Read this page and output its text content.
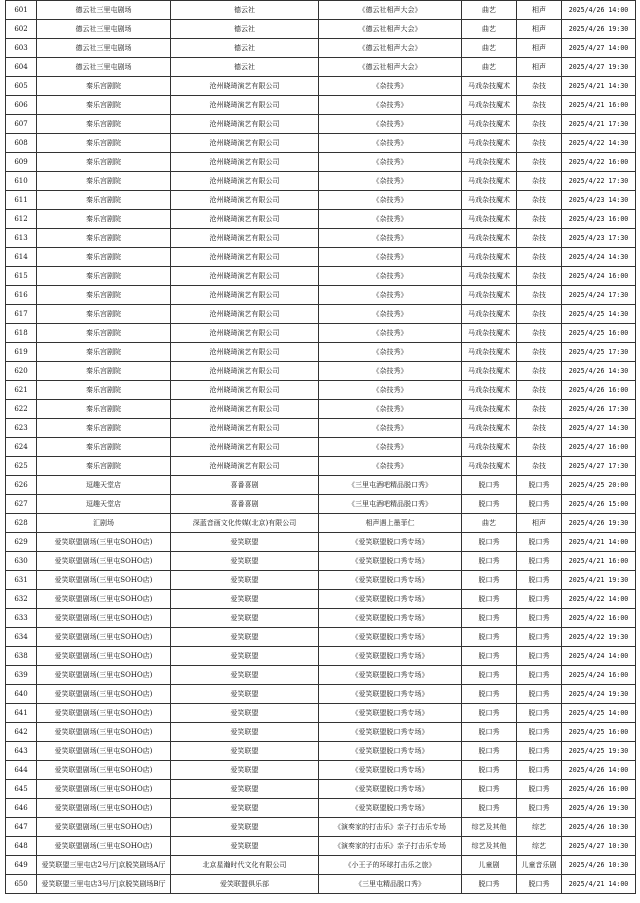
601	德云社三里屯剧场	德云社	《德云社相声大会》	曲艺	相声	2025/4/26 14:00
602	德云社三里屯剧场	德云社	《德云社相声大会》	曲艺	相声	2025/4/26 19:30
603	德云社三里屯剧场	德云社	《德云社相声大会》	曲艺	相声	2025/4/27 14:00
604	德云社三里屯剧场	德云社	《德云社相声大会》	曲艺	相声	2025/4/27 19:30
605	秦乐宫剧院	沧州晓琦演艺有限公司	《杂技秀》	马戏杂技魔术	杂技	2025/4/21 14:30
606	秦乐宫剧院	沧州晓琦演艺有限公司	《杂技秀》	马戏杂技魔术	杂技	2025/4/21 16:00
607	秦乐宫剧院	沧州晓琦演艺有限公司	《杂技秀》	马戏杂技魔术	杂技	2025/4/21 17:30
608	秦乐宫剧院	沧州晓琦演艺有限公司	《杂技秀》	马戏杂技魔术	杂技	2025/4/22 14:30
609	秦乐宫剧院	沧州晓琦演艺有限公司	《杂技秀》	马戏杂技魔术	杂技	2025/4/22 16:00
610	秦乐宫剧院	沧州晓琦演艺有限公司	《杂技秀》	马戏杂技魔术	杂技	2025/4/22 17:30
611	秦乐宫剧院	沧州晓琦演艺有限公司	《杂技秀》	马戏杂技魔术	杂技	2025/4/23 14:30
612	秦乐宫剧院	沧州晓琦演艺有限公司	《杂技秀》	马戏杂技魔术	杂技	2025/4/23 16:00
613	秦乐宫剧院	沧州晓琦演艺有限公司	《杂技秀》	马戏杂技魔术	杂技	2025/4/23 17:30
614	秦乐宫剧院	沧州晓琦演艺有限公司	《杂技秀》	马戏杂技魔术	杂技	2025/4/24 14:30
615	秦乐宫剧院	沧州晓琦演艺有限公司	《杂技秀》	马戏杂技魔术	杂技	2025/4/24 16:00
616	秦乐宫剧院	沧州晓琦演艺有限公司	《杂技秀》	马戏杂技魔术	杂技	2025/4/24 17:30
617	秦乐宫剧院	沧州晓琦演艺有限公司	《杂技秀》	马戏杂技魔术	杂技	2025/4/25 14:30
618	秦乐宫剧院	沧州晓琦演艺有限公司	《杂技秀》	马戏杂技魔术	杂技	2025/4/25 16:00
619	秦乐宫剧院	沧州晓琦演艺有限公司	《杂技秀》	马戏杂技魔术	杂技	2025/4/25 17:30
620	秦乐宫剧院	沧州晓琦演艺有限公司	《杂技秀》	马戏杂技魔术	杂技	2025/4/26 14:30
621	秦乐宫剧院	沧州晓琦演艺有限公司	《杂技秀》	马戏杂技魔术	杂技	2025/4/26 16:00
622	秦乐宫剧院	沧州晓琦演艺有限公司	《杂技秀》	马戏杂技魔术	杂技	2025/4/26 17:30
623	秦乐宫剧院	沧州晓琦演艺有限公司	《杂技秀》	马戏杂技魔术	杂技	2025/4/27 14:30
624	秦乐宫剧院	沧州晓琦演艺有限公司	《杂技秀》	马戏杂技魔术	杂技	2025/4/27 16:00
625	秦乐宫剧院	沧州晓琦演艺有限公司	《杂技秀》	马戏杂技魔术	杂技	2025/4/27 17:30
626	逗趣天堂店	喜番喜剧	《三里屯酒吧精品脱口秀》	脱口秀	脱口秀	2025/4/25 20:00
627	逗趣天堂店	喜番喜剧	《三里屯酒吧精品脱口秀》	脱口秀	脱口秀	2025/4/26 15:00
628	汇剧场	深蓝音画文化传媒(北京)有限公司	相声遇上墨菲仁	曲艺	相声	2025/4/26 19:30
629	爱笑联盟剧场(三里屯SOHO店)	爱笑联盟	《爱笑联盟脱口秀专场》	脱口秀	脱口秀	2025/4/21 14:00
630	爱笑联盟剧场(三里屯SOHO店)	爱笑联盟	《爱笑联盟脱口秀专场》	脱口秀	脱口秀	2025/4/21 16:00
631	爱笑联盟剧场(三里屯SOHO店)	爱笑联盟	《爱笑联盟脱口秀专场》	脱口秀	脱口秀	2025/4/21 19:30
632	爱笑联盟剧场(三里屯SOHO店)	爱笑联盟	《爱笑联盟脱口秀专场》	脱口秀	脱口秀	2025/4/22 14:00
633	爱笑联盟剧场(三里屯SOHO店)	爱笑联盟	《爱笑联盟脱口秀专场》	脱口秀	脱口秀	2025/4/22 16:00
634	爱笑联盟剧场(三里屯SOHO店)	爱笑联盟	《爱笑联盟脱口秀专场》	脱口秀	脱口秀	2025/4/22 19:30
638	爱笑联盟剧场(三里屯SOHO店)	爱笑联盟	《爱笑联盟脱口秀专场》	脱口秀	脱口秀	2025/4/24 14:00
639	爱笑联盟剧场(三里屯SOHO店)	爱笑联盟	《爱笑联盟脱口秀专场》	脱口秀	脱口秀	2025/4/24 16:00
640	爱笑联盟剧场(三里屯SOHO店)	爱笑联盟	《爱笑联盟脱口秀专场》	脱口秀	脱口秀	2025/4/24 19:30
641	爱笑联盟剧场(三里屯SOHO店)	爱笑联盟	《爱笑联盟脱口秀专场》	脱口秀	脱口秀	2025/4/25 14:00
642	爱笑联盟剧场(三里屯SOHO店)	爱笑联盟	《爱笑联盟脱口秀专场》	脱口秀	脱口秀	2025/4/25 16:00
643	爱笑联盟剧场(三里屯SOHO店)	爱笑联盟	《爱笑联盟脱口秀专场》	脱口秀	脱口秀	2025/4/25 19:30
644	爱笑联盟剧场(三里屯SOHO店)	爱笑联盟	《爱笑联盟脱口秀专场》	脱口秀	脱口秀	2025/4/26 14:00
645	爱笑联盟剧场(三里屯SOHO店)	爱笑联盟	《爱笑联盟脱口秀专场》	脱口秀	脱口秀	2025/4/26 16:00
646	爱笑联盟剧场(三里屯SOHO店)	爱笑联盟	《爱笑联盟脱口秀专场》	脱口秀	脱口秀	2025/4/26 19:30
647	爱笑联盟剧场(三里屯SOHO店)	爱笑联盟	《演奏家的打击乐》亲子打击乐专场	综艺及其他	综艺	2025/4/26 10:30
648	爱笑联盟剧场(三里屯SOHO店)	爱笑联盟	《演奏家的打击乐》亲子打击乐专场	综艺及其他	综艺	2025/4/27 10:30
649	爱笑联盟三里屯店2号厅|京脱笑剧场A厅	北京星瀚时代文化有限公司	《小王子的环球打击乐之旅》	儿童剧	儿童音乐剧	2025/4/26 10:30
650	爱笑联盟三里屯店3号厅|京脱笑剧场B厅	爱笑联盟俱乐部	《三里屯精品脱口秀》	脱口秀	脱口秀	2025/4/21 14:00
